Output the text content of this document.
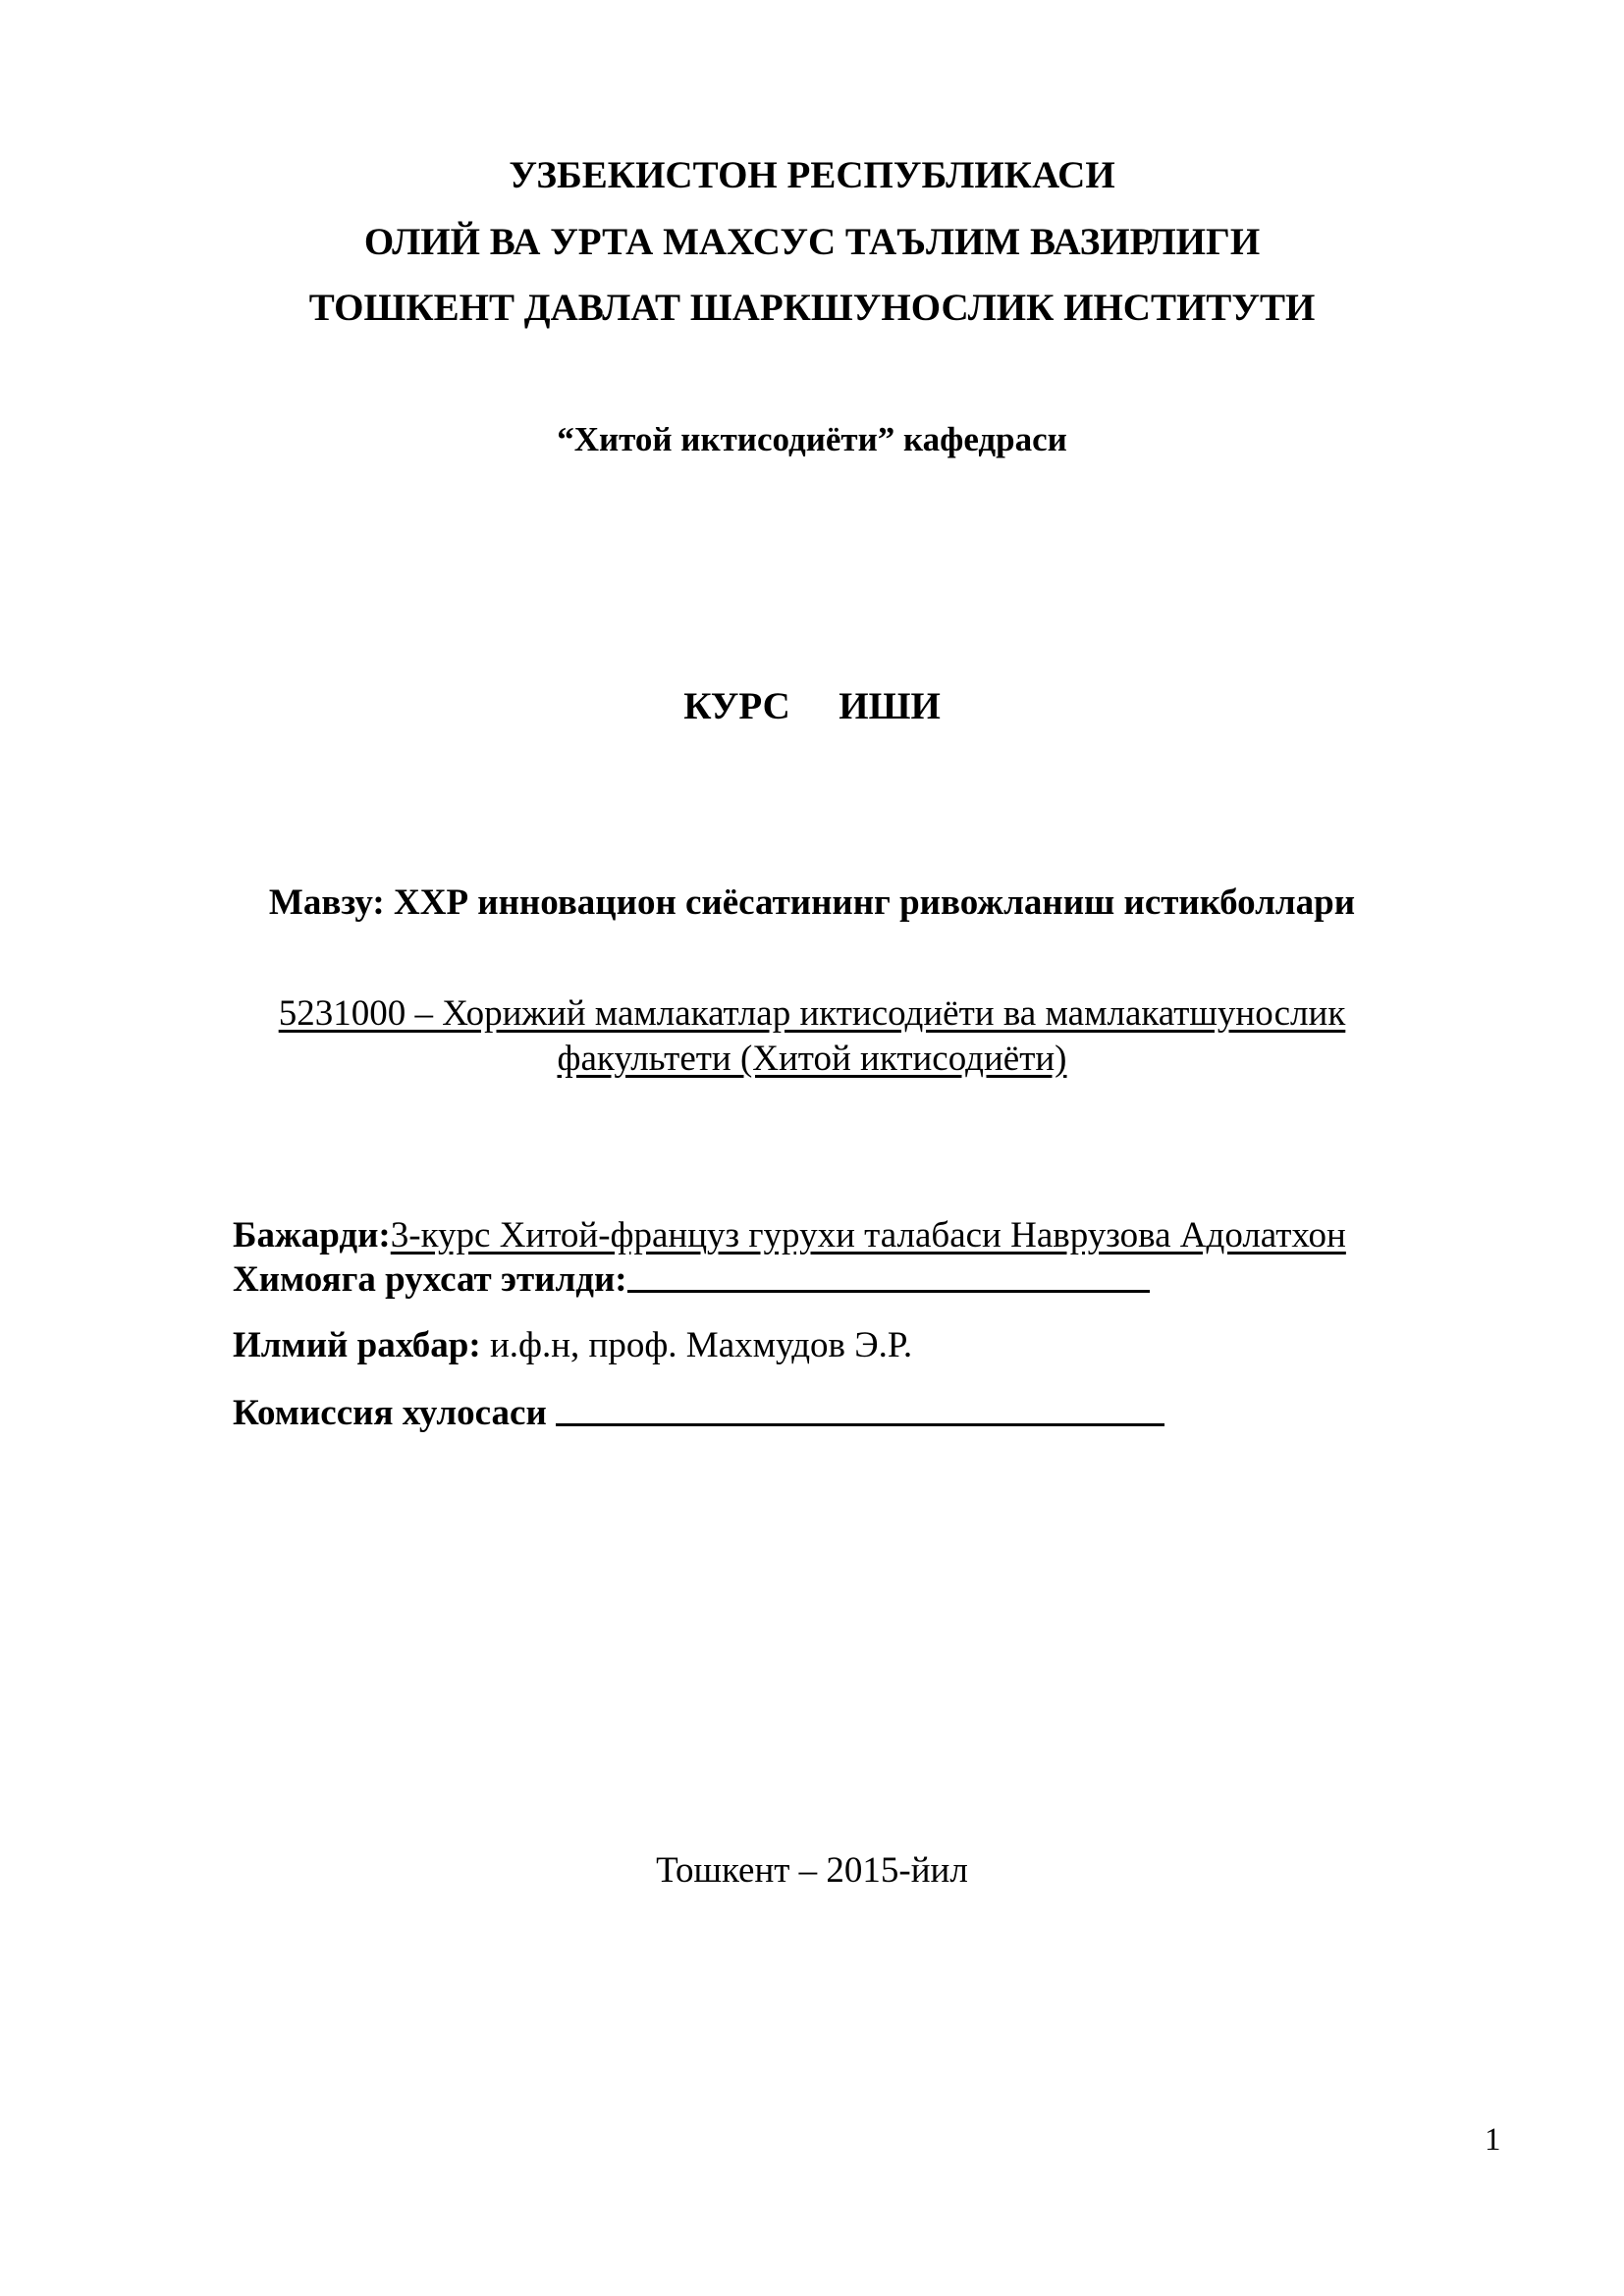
УЗБЕКИСТОН РЕСПУБЛИКАСИ
ОЛИЙ ВА УРТА МАХСУС ТАЪЛИМ ВАЗИРЛИГИ
ТОШКЕНТ ДАВЛАТ ШАРКШУНОСЛИК ИНСТИТУТИ
“Хитой иктисодиёти” кафедраси
КУРС ИШИ
Мавзу: ХХР инновацион сиёсатининг ривожланиш истикболлари
5231000 – Хорижий мамлакатлар иктисодиёти ва мамлакатшунослик
факультети (Хитой иктисодиёти)
Бажарди:3-курс Хитой-француз гурухи талабаси Наврузова Адолатхон
Химояга рухсат этилди:
Илмий рахбар: и.ф.н, проф. Махмудов Э.Р.
Комиссия хулосаси
Тошкент – 2015-йил
1
